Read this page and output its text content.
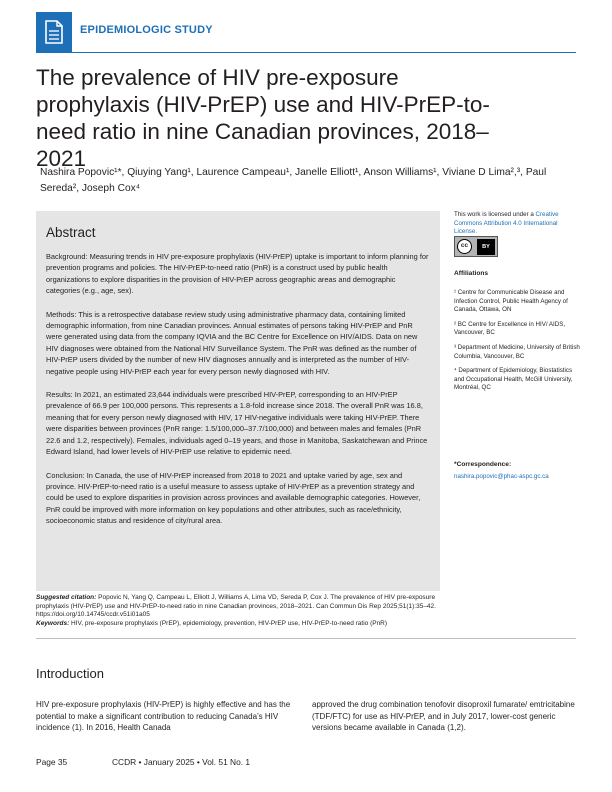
EPIDEMIOLOGIC STUDY
The prevalence of HIV pre-exposure prophylaxis (HIV-PrEP) use and HIV-PrEP-to-need ratio in nine Canadian provinces, 2018–2021
Nashira Popovic¹*, Qiuying Yang¹, Laurence Campeau¹, Janelle Elliott¹, Anson Williams¹, Viviane D Lima²,³, Paul Sereda², Joseph Cox⁴
Abstract

Background: Measuring trends in HIV pre-exposure prophylaxis (HIV-PrEP) uptake is important to inform planning for prevention programs and policies. The HIV-PrEP-to-need ratio (PnR) is a construct used by public health organizations to explore disparities in the provision of HIV-PrEP across geographic areas and demographic categories (e.g., age, sex).

Methods: This is a retrospective database review study using administrative pharmacy data, containing limited demographic information, from nine Canadian provinces. Annual estimates of persons taking HIV-PrEP and PnR were generated using data from the company IQVIA and the BC Centre for Excellence on HIV/AIDS. Data on new HIV diagnoses were obtained from the National HIV Surveillance System. The PnR was defined as the number of HIV-PrEP users divided by the number of new HIV diagnoses annually and is interpreted as the number of HIV-negative people using HIV-PrEP each year for every person newly diagnosed with HIV.

Results: In 2021, an estimated 23,644 individuals were prescribed HIV-PrEP, corresponding to an HIV-PrEP prevalence of 66.9 per 100,000 persons. This represents a 1.8-fold increase since 2018. The overall PnR was 16.8, meaning that for every person newly diagnosed with HIV, 17 HIV-negative individuals were taking HIV-PrEP. There were disparities between provinces (PnR range: 1.5/100,000–37.7/100,000) and between males and females (PnR 22.6 and 1.2, respectively). Females, individuals aged 0–19 years, and those in Manitoba, Saskatchewan and Prince Edward Island, had lower levels of HIV-PrEP use relative to epidemic need.

Conclusion: In Canada, the use of HIV-PrEP increased from 2018 to 2021 and uptake varied by age, sex and province. HIV-PrEP-to-need ratio is a useful measure to assess uptake of HIV-PrEP as a prevention strategy and could be used to explore disparities in provision across provinces and available demographic categories. However, PnR could be improved with more information on key populations and other attributes, such as race/ethnicity, socioeconomic status and residence of city/rural area.

This work is licensed under a Creative Commons Attribution 4.0 International License.
cc	BY
Affiliations
¹ Centre for Communicable Disease and Infection Control, Public Health Agency of Canada, Ottawa, ON
² BC Centre for Excellence in HIV/ AIDS, Vancouver, BC
³ Department of Medicine, University of British Columbia, Vancouver, BC
⁴ Department of Epidemiology, Biostatistics and Occupational Health, McGill University, Montréal, QC
*Correspondence:
nashira.popovic@phac-aspc.gc.ca
Suggested citation: Popovic N, Yang Q, Campeau L, Elliott J, Williams A, Lima VD, Sereda P, Cox J. The prevalence of HIV pre-exposure prophylaxis (HIV-PrEP) use and HIV-PrEP-to-need ratio in nine Canadian provinces, 2018–2021. Can Commun Dis Rep 2025;51(1):35–42. https://doi.org/10.14745/ccdr.v51i01a05
Keywords: HIV, pre-exposure prophylaxis (PrEP), epidemiology, prevention, HIV-PrEP use, HIV-PrEP-to-need ratio (PnR)
Introduction
HIV pre-exposure prophylaxis (HIV-PrEP) is highly effective and has the potential to make a significant contribution to reducing Canada’s HIV incidence (1). In 2016, Health Canada
approved the drug combination tenofovir disoproxil fumarate/ emtricitabine (TDF/FTC) for use as HIV-PrEP, and in July 2017, lower-cost generic versions became available in Canada (1,2).
Page 35	CCDR • January 2025 • Vol. 51 No. 1
